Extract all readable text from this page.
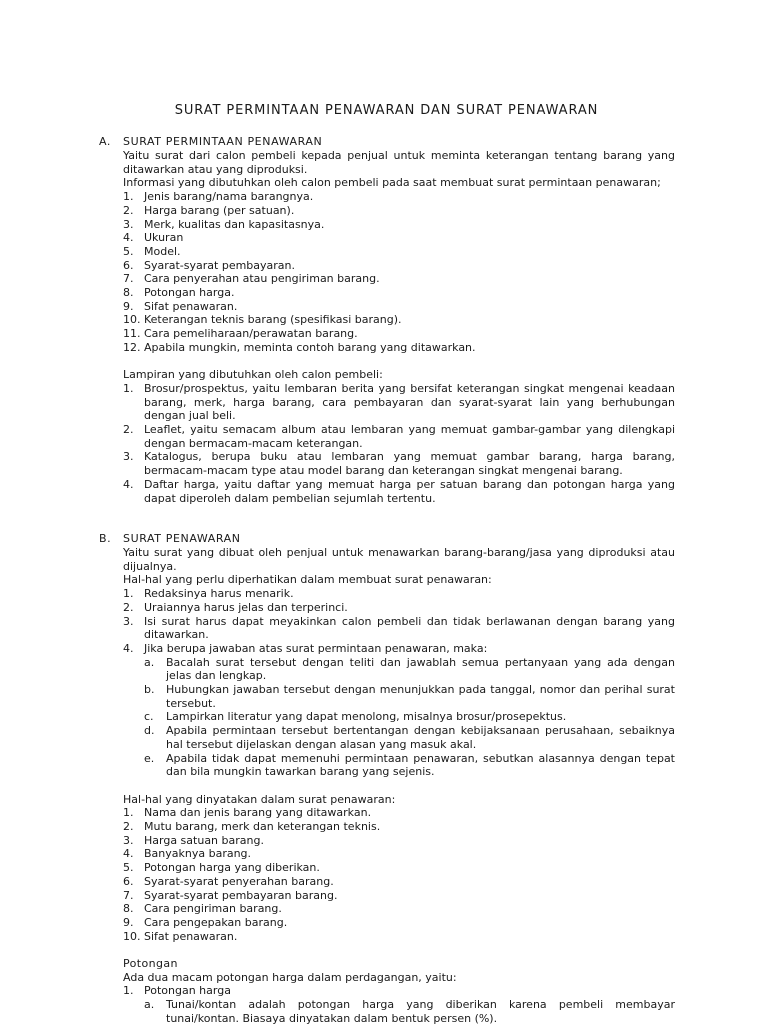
SURAT PERMINTAAN PENAWARAN DAN SURAT PENAWARAN
A. SURAT PERMINTAAN PENAWARAN

Yaitu surat dari calon pembeli kepada penjual untuk meminta keterangan tentang barang yang ditawarkan atau yang diproduksi.

Informasi yang dibutuhkan oleh calon pembeli pada saat membuat surat permintaan penawaran;

1. Jenis barang/nama barangnya.
2. Harga barang (per satuan).
3. Merk, kualitas dan kapasitasnya.
4. Ukuran
5. Model.
6. Syarat-syarat pembayaran.
7. Cara penyerahan atau pengiriman barang.
8. Potongan harga.
9. Sifat penawaran.
10. Keterangan teknis barang (spesifikasi barang).
11. Cara pemeliharaan/perawatan barang.
12. Apabila mungkin, meminta contoh barang yang ditawarkan.

Lampiran yang dibutuhkan oleh calon pembeli:

1. Brosur/prospektus, yaitu lembaran berita yang bersifat keterangan singkat mengenai keadaan barang, merk, harga barang, cara pembayaran dan syarat-syarat lain yang berhubungan dengan jual beli.
2. Leaflet, yaitu semacam album atau lembaran yang memuat gambar-gambar yang dilengkapi dengan bermacam-macam keterangan.
3. Katalogus, berupa buku atau lembaran yang memuat gambar barang, harga barang, bermacam-macam type atau model barang dan keterangan singkat mengenai barang.
4. Daftar harga, yaitu daftar yang memuat harga per satuan barang dan potongan harga yang dapat diperoleh dalam pembelian sejumlah tertentu.
B. SURAT PENAWARAN

Yaitu surat yang dibuat oleh penjual untuk menawarkan barang-barang/jasa yang diproduksi atau dijualnya.

Hal-hal yang perlu diperhatikan dalam membuat surat penawaran:

1. Redaksinya harus menarik.
2. Uraiannya harus jelas dan terperinci.
3. Isi surat harus dapat meyakinkan calon pembeli dan tidak berlawanan dengan barang yang ditawarkan.
4. Jika berupa jawaban atas surat permintaan penawaran, maka:
a. Bacalah surat tersebut dengan teliti dan jawablah semua pertanyaan yang ada dengan jelas dan lengkap.
b. Hubungkan jawaban tersebut dengan menunjukkan pada tanggal, nomor dan perihal surat tersebut.
c. Lampirkan literatur yang dapat menolong, misalnya brosur/prosepektus.
d. Apabila permintaan tersebut bertentangan dengan kebijaksanaan perusahaan, sebaiknya hal tersebut dijelaskan dengan alasan yang masuk akal.
e. Apabila tidak dapat memenuhi permintaan penawaran, sebutkan alasannya dengan tepat dan bila mungkin tawarkan barang yang sejenis.

Hal-hal yang dinyatakan dalam surat penawaran:

1. Nama dan jenis barang yang ditawarkan.
2. Mutu barang, merk dan keterangan teknis.
3. Harga satuan barang.
4. Banyaknya barang.
5. Potongan harga yang diberikan.
6. Syarat-syarat penyerahan barang.
7. Syarat-syarat pembayaran barang.
8. Cara pengiriman barang.
9. Cara pengepakan barang.
10. Sifat penawaran.

Potongan

Ada dua macam potongan harga dalam perdagangan, yaitu:

1. Potongan harga
a. Tunai/kontan adalah potongan harga yang diberikan karena pembeli membayar tunai/kontan. Biasaya dinyatakan dalam bentuk persen (%).
